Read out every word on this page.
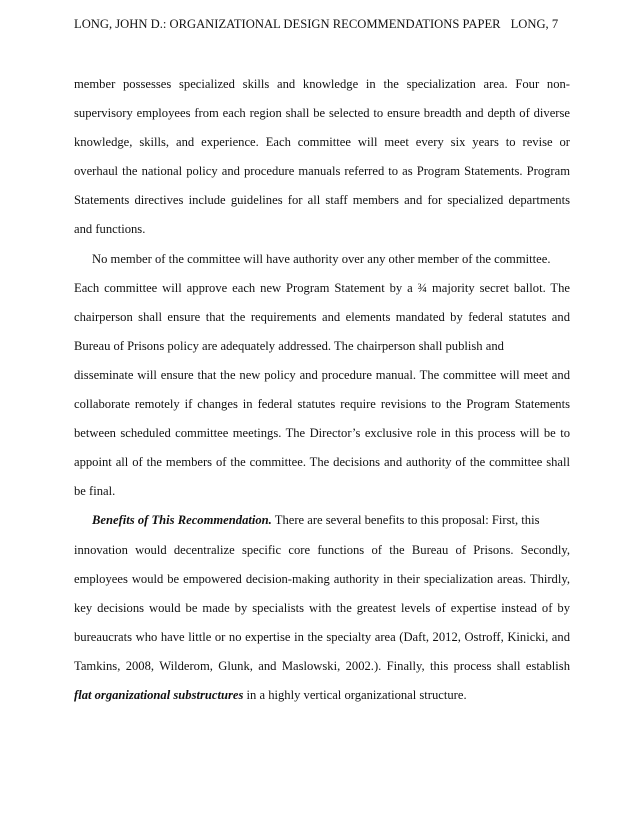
LONG, JOHN D.: ORGANIZATIONAL DESIGN RECOMMENDATIONS PAPER LONG, 7
member possesses specialized skills and knowledge in the specialization area. Four non-
supervisory employees from each region shall be selected to ensure breadth and depth of diverse
knowledge, skills, and experience. Each committee will meet every six years to revise or
overhaul the national policy and procedure manuals referred to as Program Statements. Program
Statements directives include guidelines for all staff members and for specialized departments
and functions.
No member of the committee will have authority over any other member of the committee.
Each committee will approve each new Program Statement by a ¾ majority secret ballot. The
chairperson shall ensure that the requirements and elements mandated by federal statutes and
Bureau of Prisons policy are adequately addressed. The chairperson shall publish and
disseminate will ensure that the new policy and procedure manual. The committee will meet and
collaborate remotely if changes in federal statutes require revisions to the Program Statements
between scheduled committee meetings. The Director’s exclusive role in this process will be to
appoint all of the members of the committee. The decisions and authority of the committee shall
be final.
Benefits of This Recommendation. There are several benefits to this proposal: First, this
innovation would decentralize specific core functions of the Bureau of Prisons. Secondly,
employees would be empowered decision-making authority in their specialization areas. Thirdly,
key decisions would be made by specialists with the greatest levels of expertise instead of by
bureaucrats who have little or no expertise in the specialty area (Daft, 2012, Ostroff, Kinicki, and
Tamkins, 2008, Wilderom, Glunk, and Maslowski, 2002.). Finally, this process shall establish
flat organizational substructures in a highly vertical organizational structure.
